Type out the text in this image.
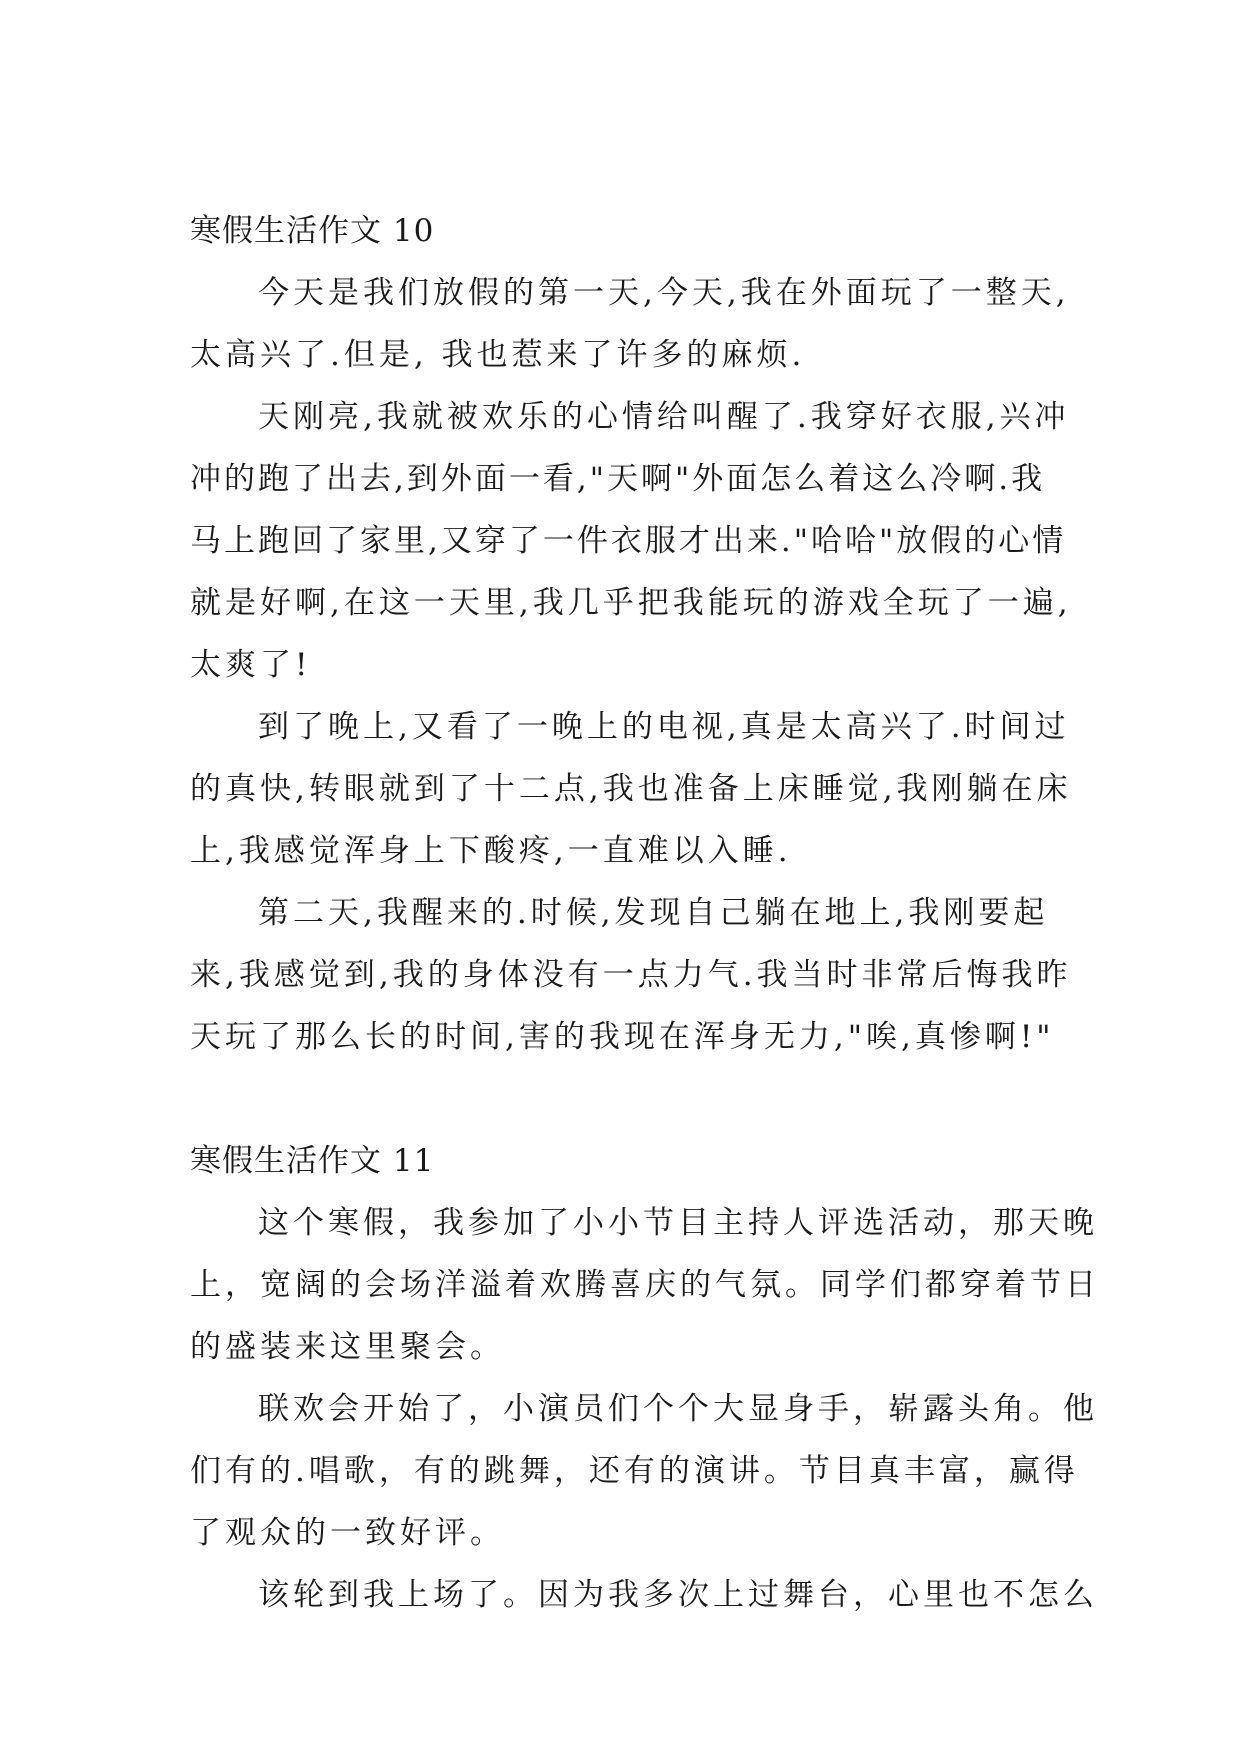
寒假生活作文 10
今天是我们放假的第一天,今天,我在外面玩了一整天,
太高兴了.但是, 我也惹来了许多的麻烦.
天刚亮,我就被欢乐的心情给叫醒了.我穿好衣服,兴冲
冲的跑了出去,到外面一看,"天啊"外面怎么着这么冷啊.我
马上跑回了家里,又穿了一件衣服才出来."哈哈"放假的心情
就是好啊,在这一天里,我几乎把我能玩的游戏全玩了一遍,
太爽了!
到了晚上,又看了一晚上的电视,真是太高兴了.时间过
的真快,转眼就到了十二点,我也准备上床睡觉,我刚躺在床
上,我感觉浑身上下酸疼,一直难以入睡.
第二天,我醒来的.时候,发现自己躺在地上,我刚要起
来,我感觉到,我的身体没有一点力气.我当时非常后悔我昨
天玩了那么长的时间,害的我现在浑身无力,"唉,真惨啊!"
寒假生活作文 11
这个寒假，我参加了小小节目主持人评选活动，那天晚
上，宽阔的会场洋溢着欢腾喜庆的气氛。同学们都穿着节日
的盛装来这里聚会。
联欢会开始了，小演员们个个大显身手，崭露头角。他
们有的.唱歌，有的跳舞，还有的演讲。节目真丰富，赢得
了观众的一致好评。
该轮到我上场了。因为我多次上过舞台，心里也不怎么
